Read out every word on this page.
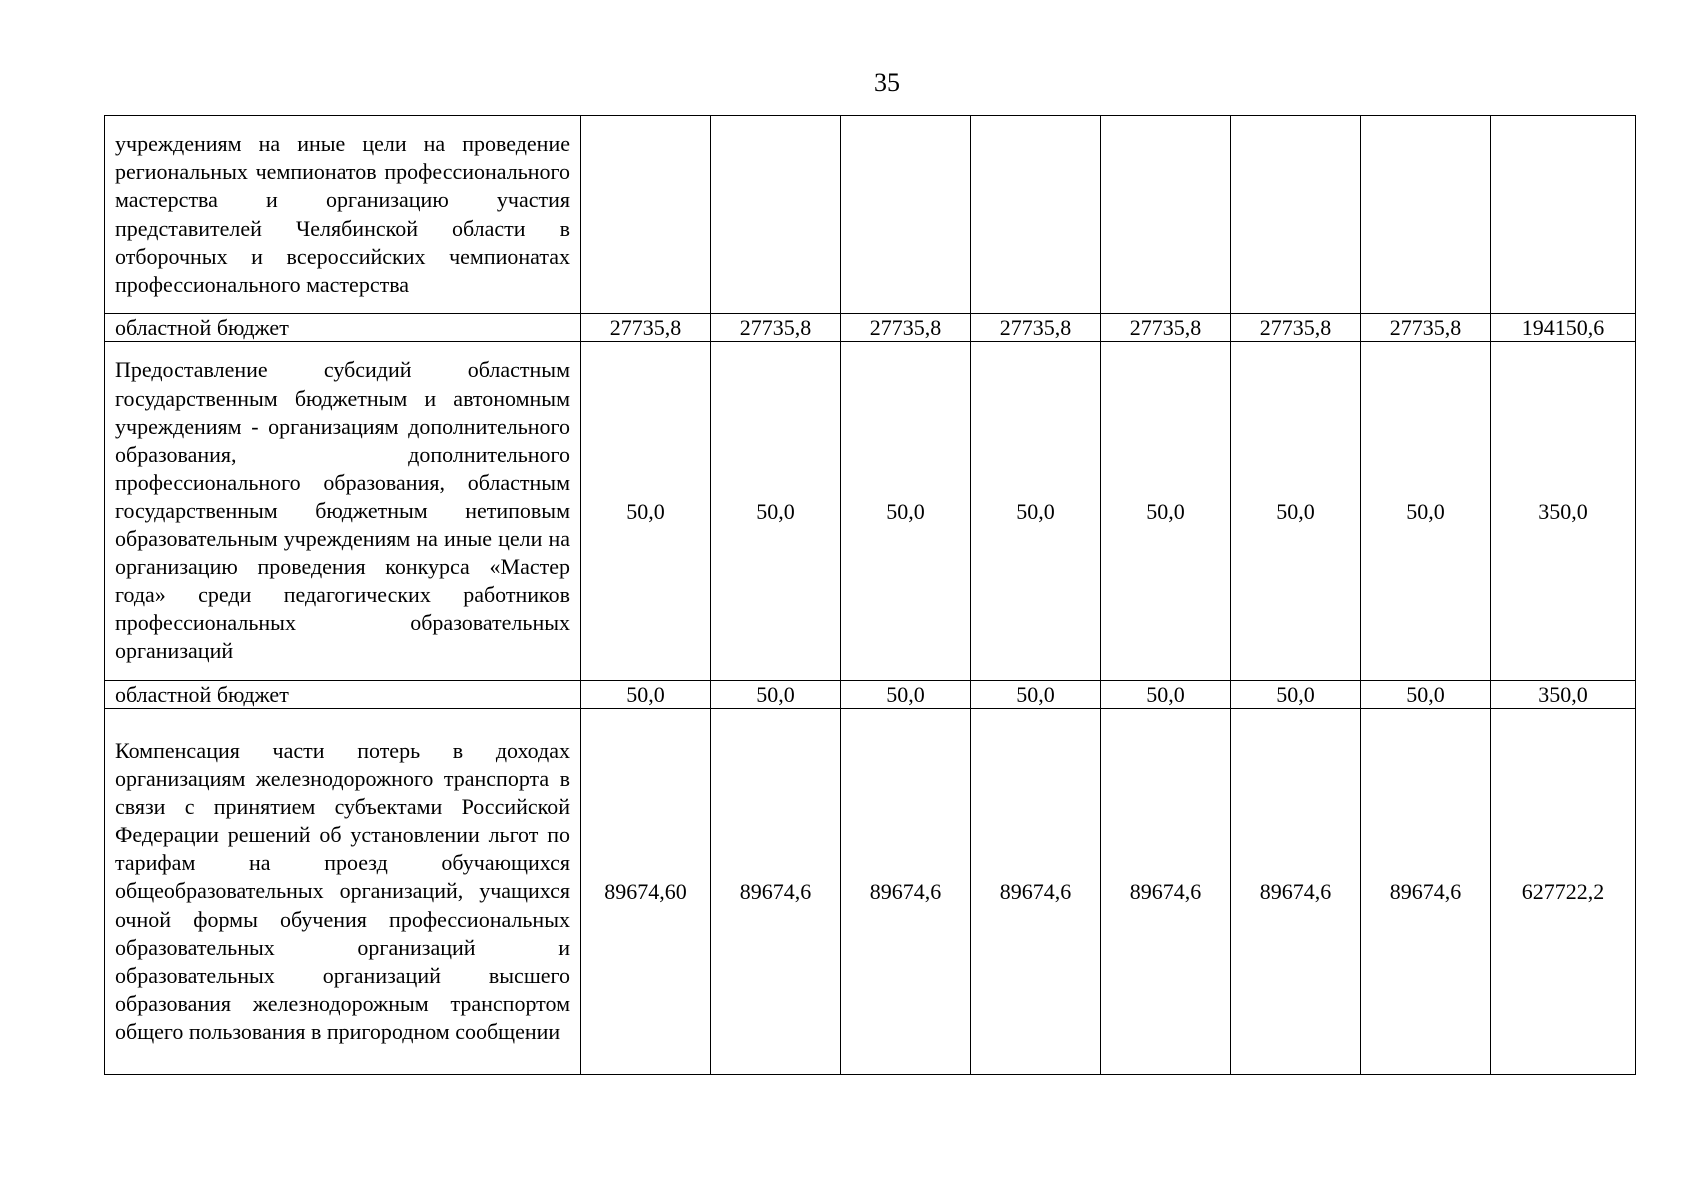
35
учреждениям на иные цели на проведение региональных чемпионатов профессионального мастерства и организацию участия представителей Челябинской области в отборочных и всероссийских чемпионатах профессионального мастерства								
областной бюджет	27735,8	27735,8	27735,8	27735,8	27735,8	27735,8	27735,8	194150,6
Предоставление субсидий областным государственным бюджетным и автономным учреждениям - организациям дополнительного образования, дополнительного профессионального образования, областным государственным бюджетным нетиповым образовательным учреждениям на иные цели на организацию проведения конкурса «Мастер года» среди педагогических работников профессиональных образовательных организаций	50,0	50,0	50,0	50,0	50,0	50,0	50,0	350,0
областной бюджет	50,0	50,0	50,0	50,0	50,0	50,0	50,0	350,0
Компенсация части потерь в доходах организациям железнодорожного транспорта в связи с принятием субъектами Российской Федерации решений об установлении льгот по тарифам на проезд обучающихся общеобразовательных организаций, учащихся очной формы обучения профессиональных образовательных организаций и образовательных организаций высшего образования железнодорожным транспортом общего пользования в пригородном сообщении	89674,60	89674,6	89674,6	89674,6	89674,6	89674,6	89674,6	627722,2
